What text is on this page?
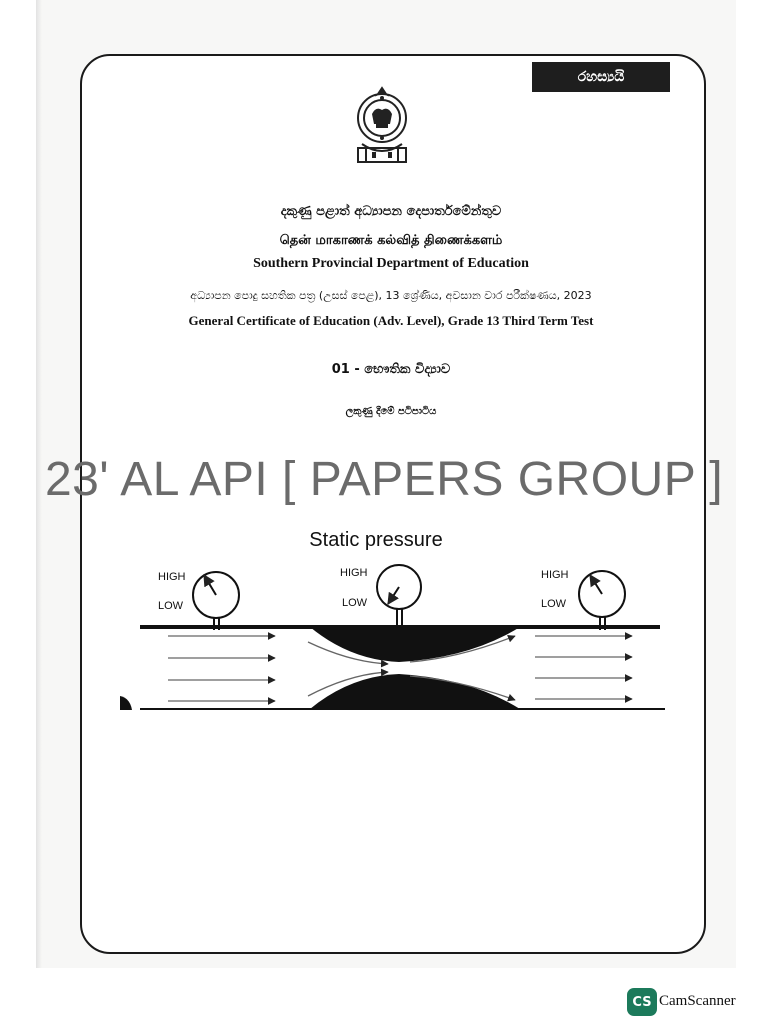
රහස්‍යයි
දකුණු පළාත් අධ්‍යාපන දෙපාර්තමේන්තුව
தென் மாகாணக் கல்வித் திணைக்களம்
Southern Provincial Department of Education
අධ්‍යාපන පොදු සහතික පත්‍ර (උසස් පෙළ), 13 ශ්‍රේණිය, අවසාන වාර පරීක්ෂණය, 2023
General Certificate of Education (Adv. Level), Grade 13 Third Term Test
01 - භෞතික විද්‍යාව
ලකුණු දීමේ පටිපාටිය
23' AL API [ PAPERS GROUP ]
Static pressure
HIGH
LOW
HIGH
LOW
HIGH
LOW
CS CamScanner
